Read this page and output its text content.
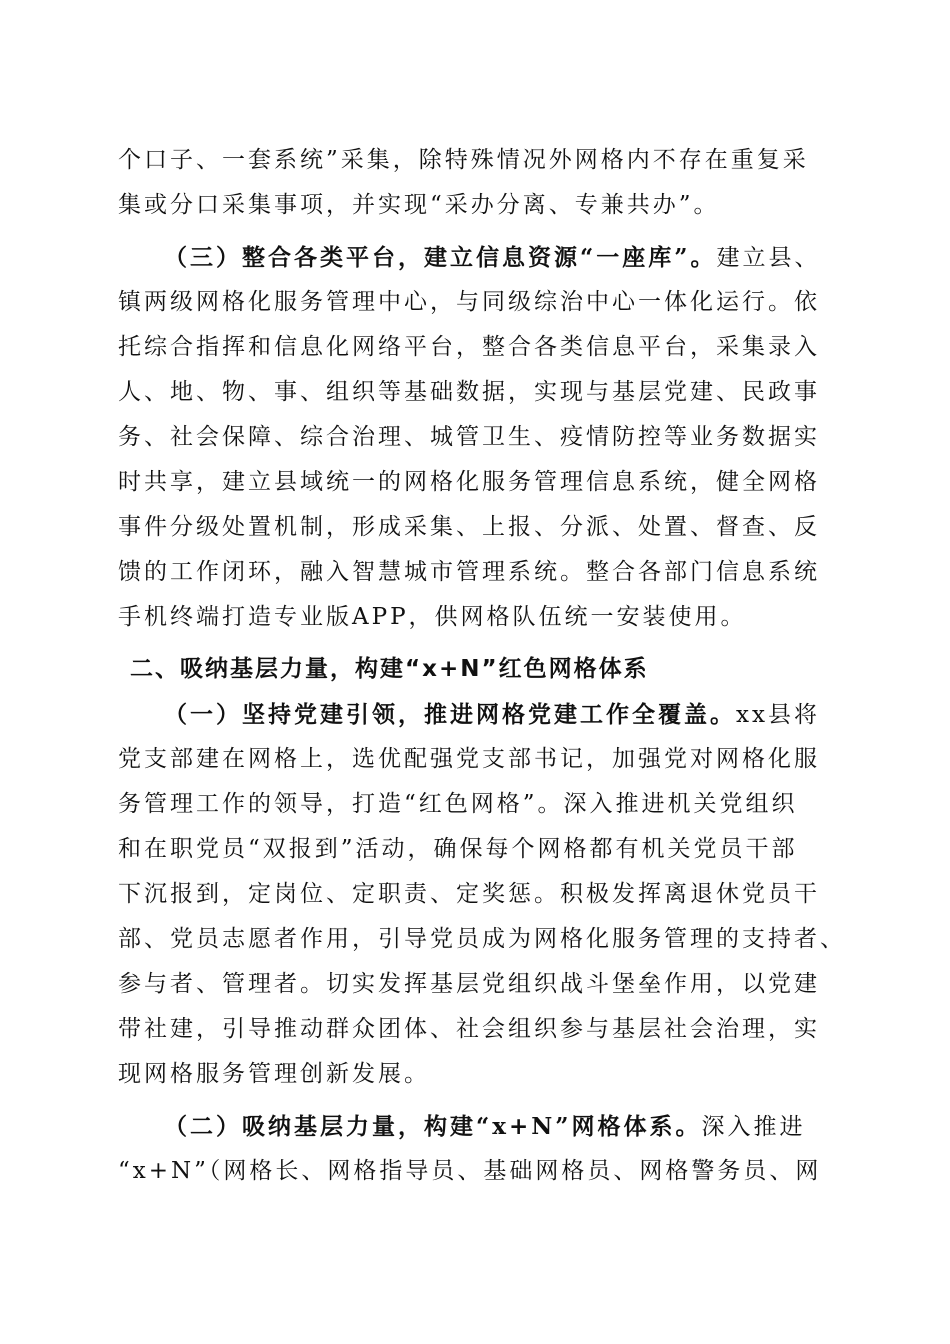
个口子、一套系统”采集，除特殊情况外网格内不存在重复采

集或分口采集事项，并实现“采办分离、专兼共办”。

（三）整合各类平台，建立信息资源“一座库”。建立县、

镇两级网格化服务管理中心，与同级综治中心一体化运行。依

托综合指挥和信息化网络平台，整合各类信息平台，采集录入

人、地、物、事、组织等基础数据，实现与基层党建、民政事

务、社会保障、综合治理、城管卫生、疫情防控等业务数据实

时共享，建立县域统一的网格化服务管理信息系统，健全网格

事件分级处置机制，形成采集、上报、分派、处置、督查、反

馈的工作闭环，融入智慧城市管理系统。整合各部门信息系统

手机终端打造专业版APP，供网格队伍统一安装使用。

二、吸纳基层力量，构建“x+N”红色网格体系

（一）坚持党建引领，推进网格党建工作全覆盖。xx县将

党支部建在网格上，选优配强党支部书记，加强党对网格化服

务管理工作的领导，打造“红色网格”。深入推进机关党组织

和在职党员“双报到”活动，确保每个网格都有机关党员干部

下沉报到，定岗位、定职责、定奖惩。积极发挥离退休党员干

部、党员志愿者作用，引导党员成为网格化服务管理的支持者、

参与者、管理者。切实发挥基层党组织战斗堡垒作用，以党建

带社建，引导推动群众团体、社会组织参与基层社会治理，实

现网格服务管理创新发展。

（二）吸纳基层力量，构建“x+N”网格体系。深入推进

“x+N”（网格长、网格指导员、基础网格员、网格警务员、网
